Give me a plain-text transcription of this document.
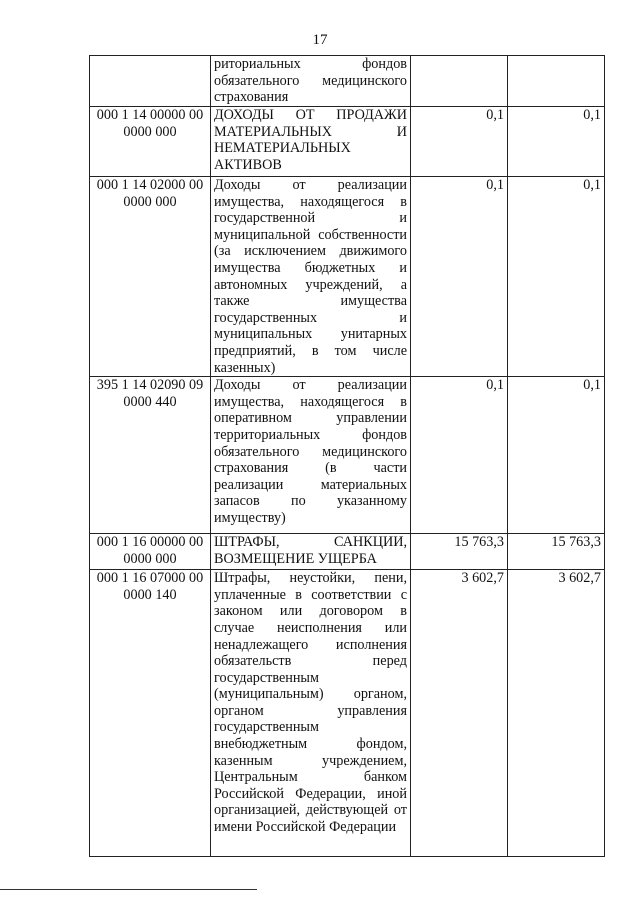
17
	риториальных фондов обязательного медицинского страхования		
000 1 14 00000 00 0000 000	ДОХОДЫ ОТ ПРОДАЖИ МАТЕРИАЛЬНЫХ И НЕМАТЕРИАЛЬНЫХ АКТИВОВ	0,1	0,1
000 1 14 02000 00 0000 000	Доходы от реализации имущества, находящегося в государственной и муниципальной собственности (за исключением движимого имущества бюджетных и автономных учреждений, а также имущества государственных и муниципальных унитарных предприятий, в том числе казенных)	0,1	0,1
395 1 14 02090 09 0000 440	Доходы от реализации имущества, находящегося в оперативном управлении территориальных фондов обязательного медицинского страхования (в части реализации материальных запасов по указанному имуществу)	0,1	0,1
000 1 16 00000 00 0000 000	ШТРАФЫ, САНКЦИИ, ВОЗМЕЩЕНИЕ УЩЕРБА	15 763,3	15 763,3
000 1 16 07000 00 0000 140	Штрафы, неустойки, пени, уплаченные в соответствии с законом или договором в случае неисполнения или ненадлежащего исполнения обязательств перед государственным (муниципальным) органом, органом управления государственным внебюджетным фондом, казенным учреждением, Центральным банком Российской Федерации, иной организацией, действующей от имени Российской Федерации	3 602,7	3 602,7
